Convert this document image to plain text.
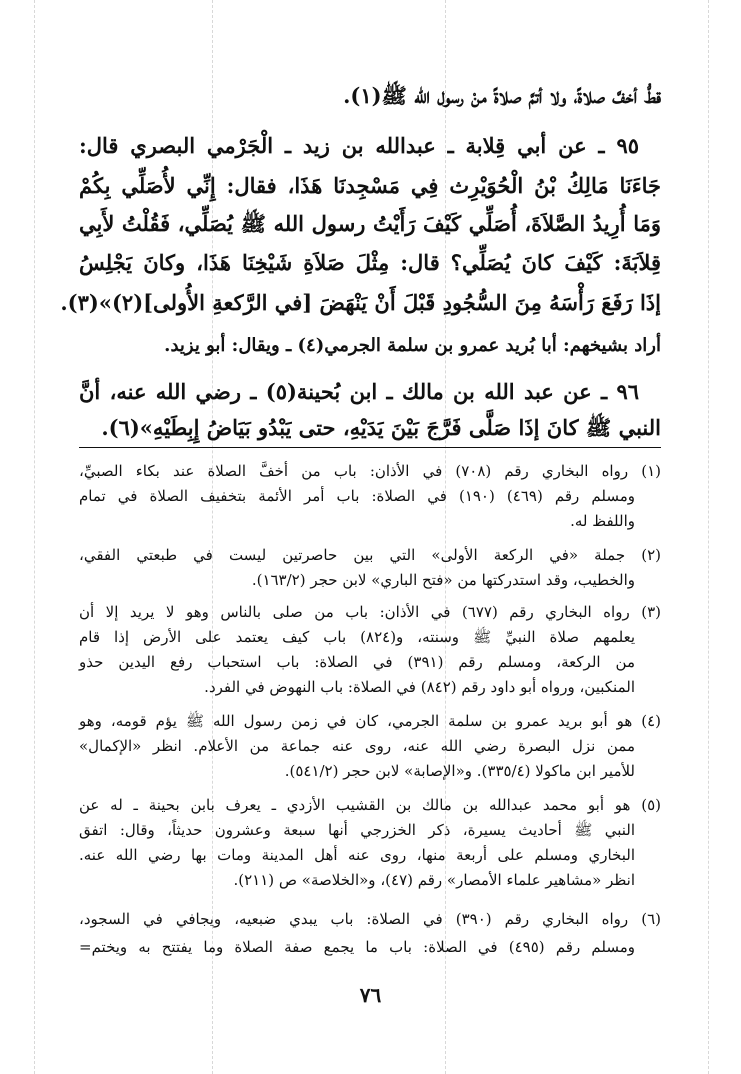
قطُّ أخفَّ صلاةً، ولا أتمَّ صلاةً منْ رسول الله ﷺ(١).
٩٥ ـ عن أبي قِلابة ـ عبدالله بن زيد ـ الْجَرْمي البصري قال:
جَاءَنَا مَالِكُ بْنُ الْحُوَيْرِث فِي مَسْجِدنَا هَذَا، فقال: إِنِّي لأُصَلِّي بِكُمْ
وَمَا أُرِيدُ الصَّلاَةَ، أُصَلِّي كَيْفَ رَأَيْتُ رسول الله ﷺ يُصَلِّي، فَقُلْتُ لأَبِي
قِلاَبَةَ: كَيْفَ كانَ يُصَلِّي؟ قال: مِثْلَ صَلاَةِ شَيْخِنَا هَذَا، وكانَ يَجْلِسُ
إذَا رَفَعَ رَأْسَهُ مِنَ السُّجُودِ قَبْلَ أَنْ يَنْهَضَ [في الرَّكعةِ الأُولى](٢)»(٣).
أراد بشيخهم: أبا بُريد عمرو بن سلمة الجرمي(٤) ـ ويقال: أبو يزيد.
٩٦ ـ عن عبد الله بن مالك ـ ابن بُحينة(٥) ـ رضي الله عنه، أنَّ
النبي ﷺ كانَ إذَا صَلَّى فَرَّجَ بَيْنَ يَدَيْهِ، حتى يَبْدُو بَيَاضُ إِبِطَيْهِ»(٦).
(١) رواه البخاري رقم (٧٠٨) في الأذان: باب من أخفَّ الصلاة عند بكاء الصبيِّ،
ومسلم رقم (٤٦٩) (١٩٠) في الصلاة: باب أمر الأئمة بتخفيف الصلاة في تمام
واللفظ له.
(٢) جملة «في الركعة الأولى» التي بين حاصرتين ليست في طبعتي الفقي،
والخطيب، وقد استدركتها من «فتح الباري» لابن حجر (١٦٣/٢).
(٣) رواه البخاري رقم (٦٧٧) في الأذان: باب من صلى بالناس وهو لا يريد إلا أن
يعلمهم صلاة النبيِّ ﷺ وسنته، و(٨٢٤) باب كيف يعتمد على الأرض إذا قام
من الركعة، ومسلم رقم (٣٩١) في الصلاة: باب استحباب رفع اليدين حذو
المنكبين، ورواه أبو داود رقم (٨٤٢) في الصلاة: باب النهوض في الفرد.
(٤) هو أبو بريد عمرو بن سلمة الجرمي، كان في زمن رسول الله ﷺ يؤم قومه، وهو
ممن نزل البصرة رضي الله عنه، روى عنه جماعة من الأعلام. انظر «الإكمال»
للأمير ابن ماكولا (٣٣٥/٤). و«الإصابة» لابن حجر (٥٤١/٢).
(٥) هو أبو محمد عبدالله بن مالك بن القشيب الأزدي ـ يعرف بابن بحينة ـ له عن
النبي ﷺ أحاديث يسيرة، ذكر الخزرجي أنها سبعة وعشرون حديثاً، وقال: اتفق
البخاري ومسلم على أربعة منها، روى عنه أهل المدينة ومات بها رضي الله عنه.
انظر «مشاهير علماء الأمصار» رقم (٤٧)، و«الخلاصة» ص (٢١١).
(٦) رواه البخاري رقم (٣٩٠) في الصلاة: باب يبدي ضبعيه، ويجافي في السجود،
ومسلم رقم (٤٩٥) في الصلاة: باب ما يجمع صفة الصلاة وما يفتتح به ويختم=
٧٦
